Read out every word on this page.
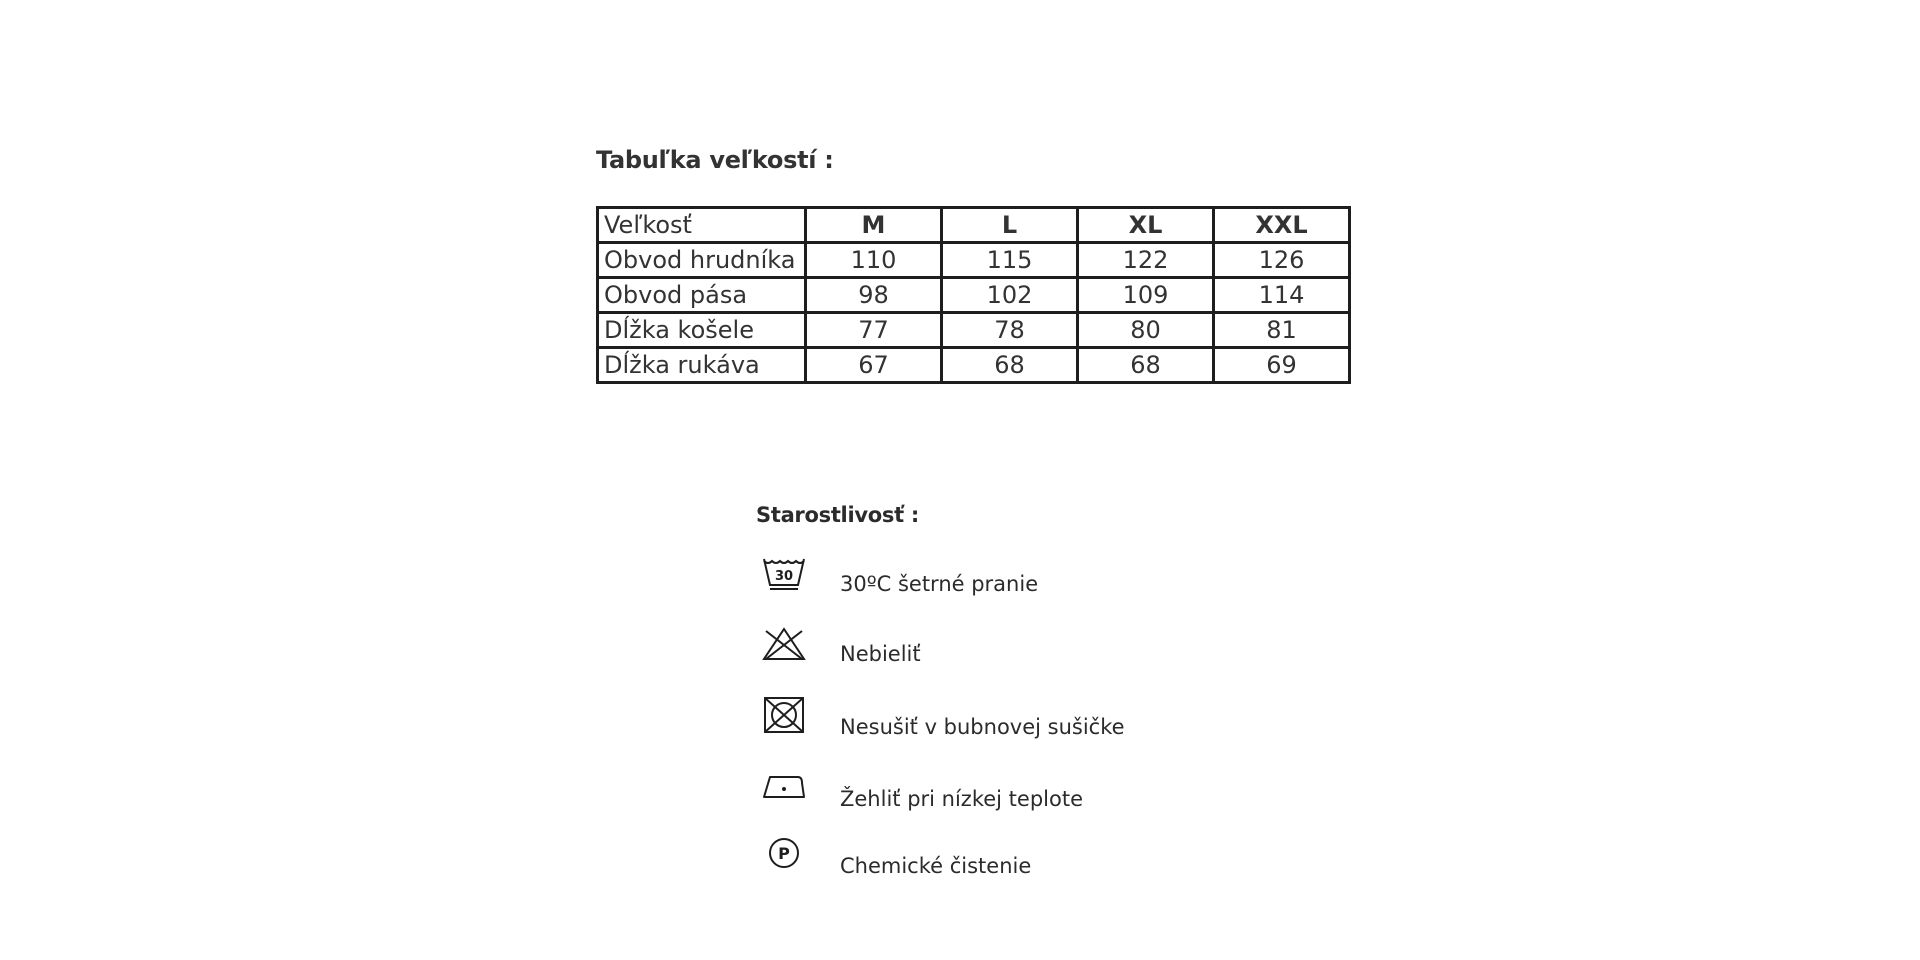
Tabuľka veľkostí :
Veľkosť	M	L	XL	XXL
Obvod hrudníka	110	115	122	126
Obvod pása	98	102	109	114
Dĺžka košele	77	78	80	81
Dĺžka rukáva	67	68	68	69
Starostlivosť :
30 30ºC šetrné pranie
Nebieliť
Nesušiť v bubnovej sušičke
Žehliť pri nízkej teplote
P
Chemické čistenie
